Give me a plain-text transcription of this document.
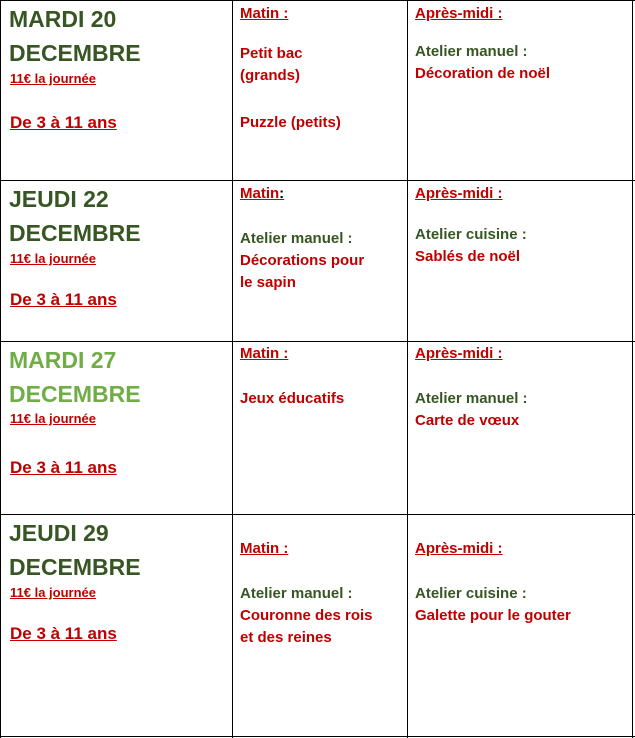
MARDI 20
DECEMBRE
11€ la journée
De 3 à 11 ans
Matin :
Petit bac
(grands)
Puzzle (petits)
Après-midi :
Atelier manuel :
Décoration de noël
JEUDI 22
DECEMBRE
11€ la journée
De 3 à 11 ans
Matin:
Atelier manuel :
Décorations pour
le sapin
Après-midi :
Atelier cuisine :
Sablés de noël
MARDI 27
DECEMBRE
11€ la journée
De 3 à 11 ans
Matin :
Jeux éducatifs
Après-midi :
Atelier manuel :
Carte de vœux
JEUDI 29
DECEMBRE
11€ la journée
De 3 à 11 ans
Matin :
Atelier manuel :
Couronne des rois
et des reines
Après-midi :
Atelier cuisine :
Galette pour le gouter
